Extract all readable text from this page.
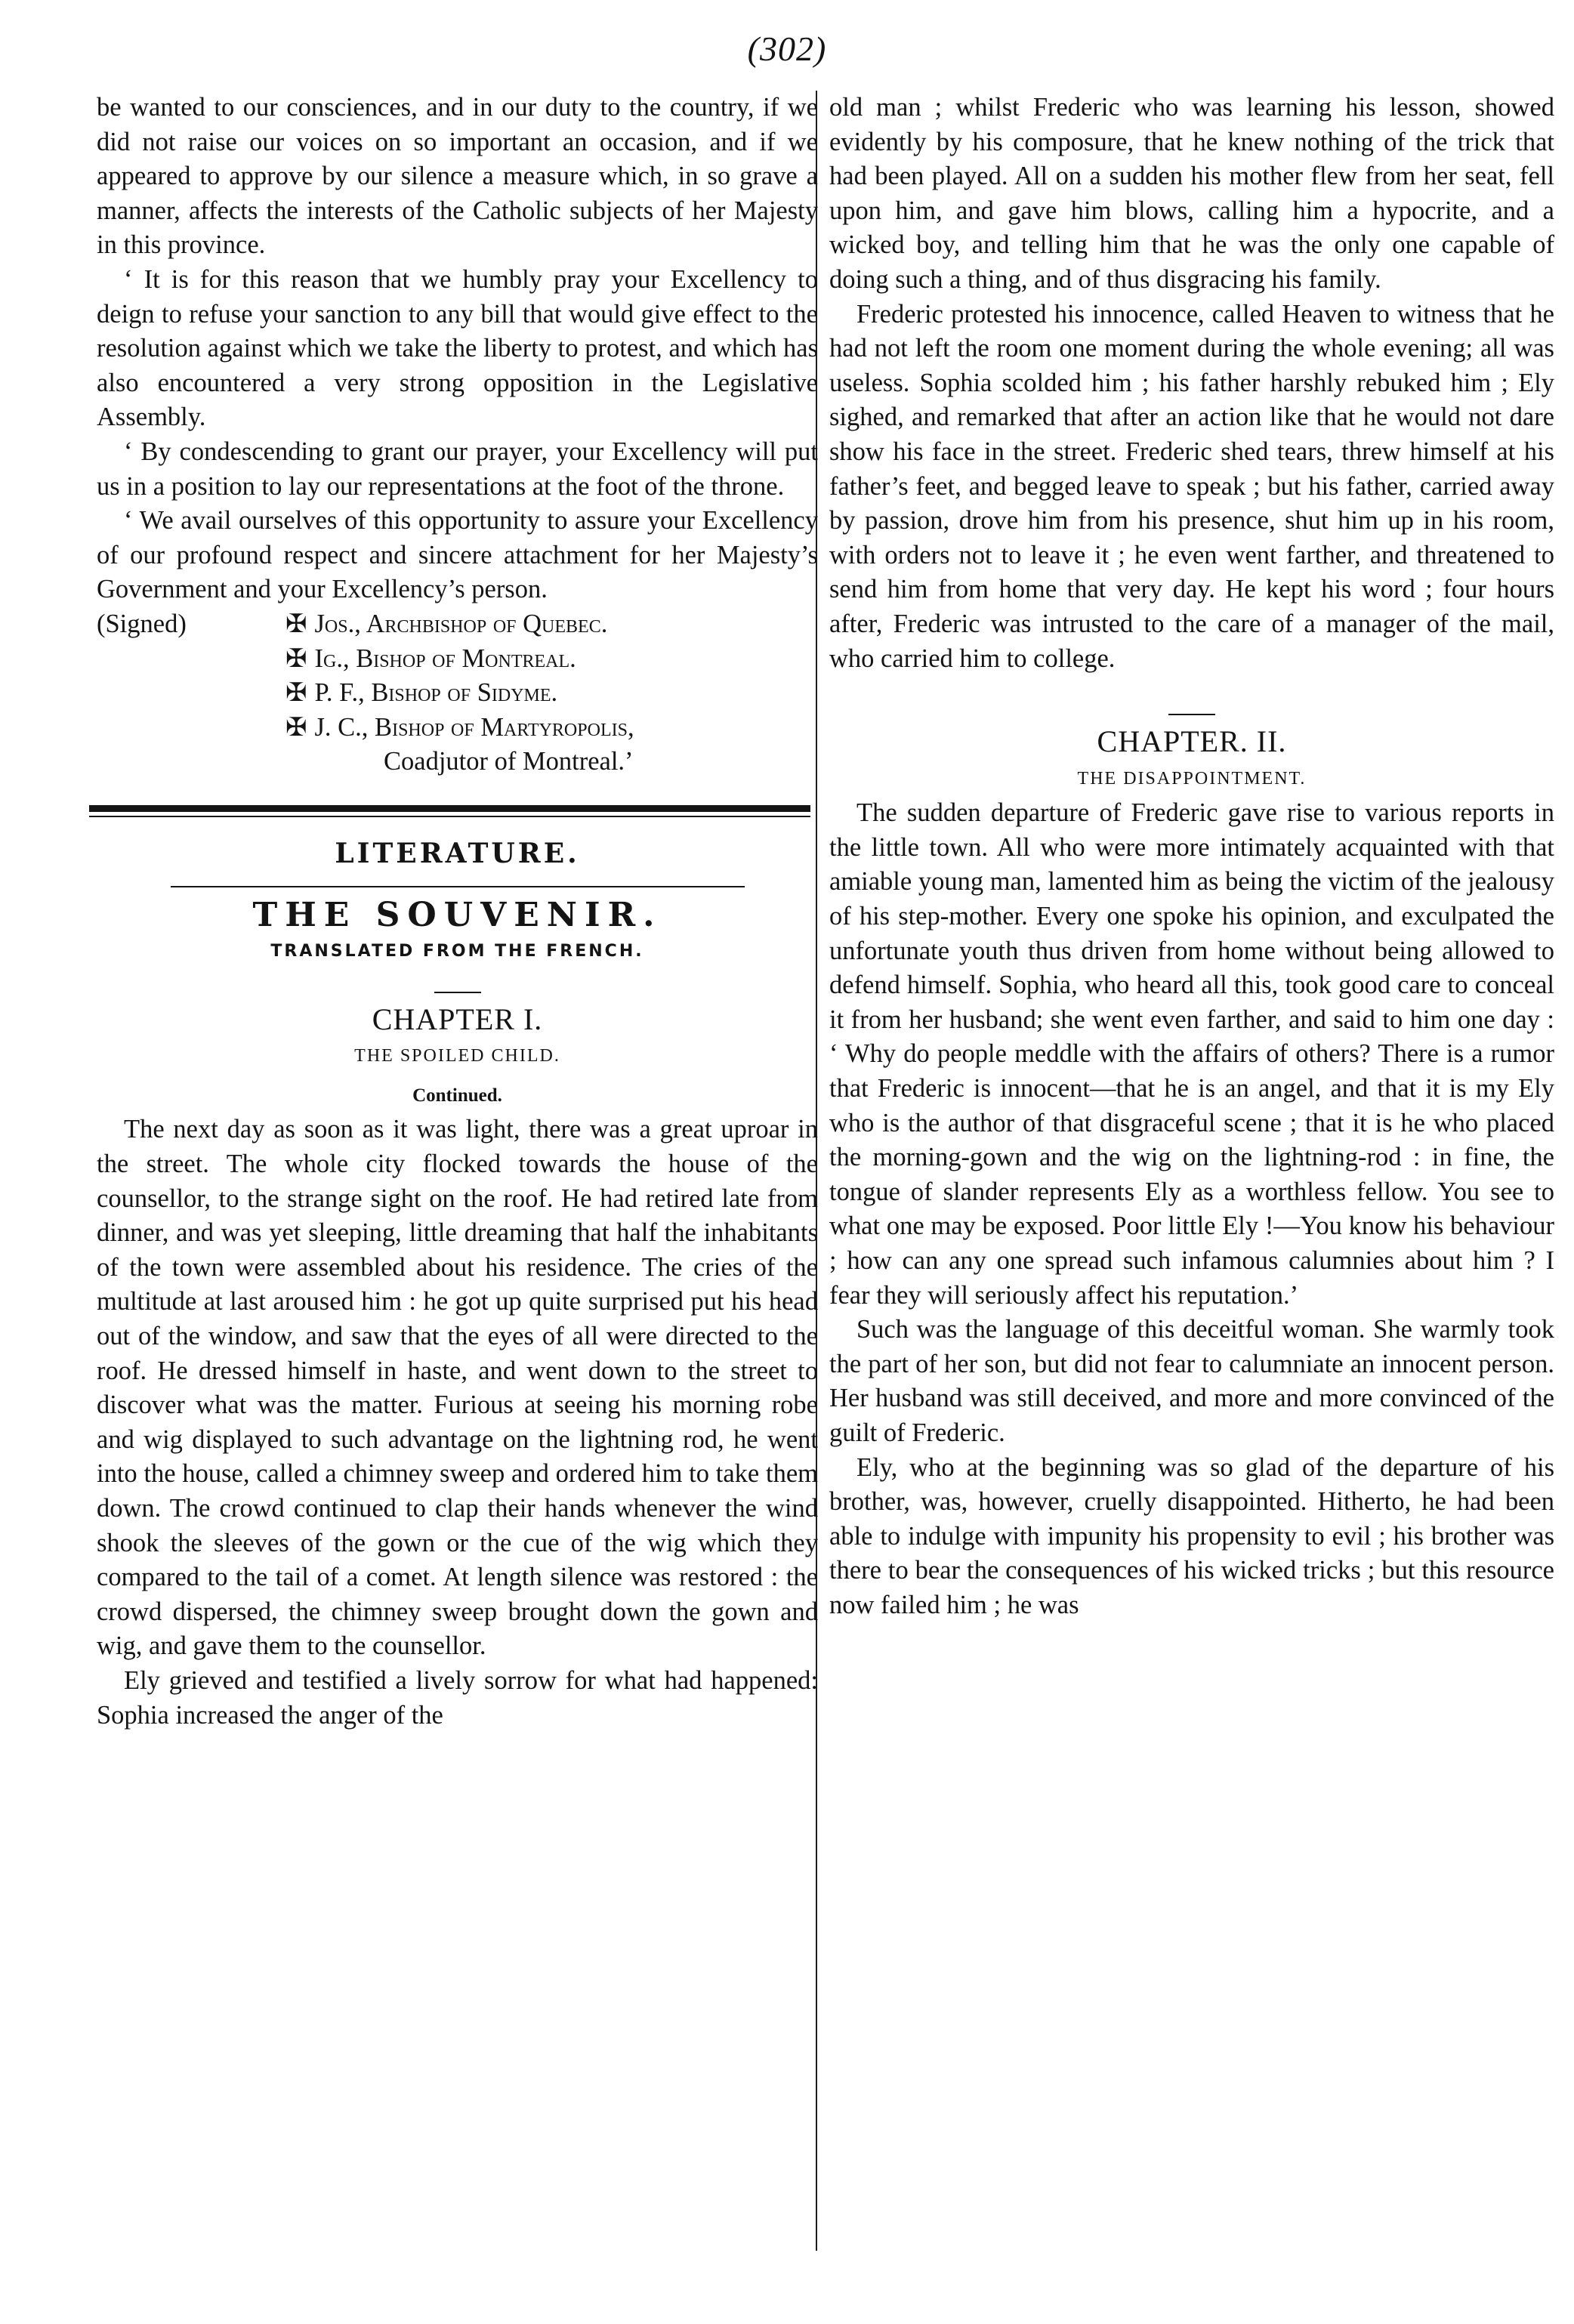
(302)

be wanted to our consciences, and in our duty to the country, if we did not raise our voices on so important an occasion, and if we appeared to approve by our silence a measure which, in so grave a manner, affects the interests of the Catholic subjects of her Majesty in this province.

‘ It is for this reason that we humbly pray your Excellency to deign to refuse your sanction to any bill that would give effect to the resolution against which we take the liberty to protest, and which has also encountered a very strong opposition in the Legislative Assembly.

‘ By condescending to grant our prayer, your Excellency will put us in a position to lay our representations at the foot of the throne.

‘ We avail ourselves of this opportunity to assure your Excellency of our profound respect and sincere attachment for her Majesty’s Government and your Excellency’s person.

(Signed)	✠ Jos., Archbishop of Quebec.
✠ Ig., Bishop of Montreal.
✠ P. F., Bishop of Sidyme.
✠ J. C., Bishop of Martyropolis,
Coadjutor of Montreal.’
LITERATURE.
THE SOUVENIR.
TRANSLATED FROM THE FRENCH.
CHAPTER I.
THE SPOILED CHILD.
Continued.

The next day as soon as it was light, there was a great uproar in the street. The whole city flocked towards the house of the counsellor, to the strange sight on the roof. He had retired late from dinner, and was yet sleeping, little dreaming that half the inhabitants of the town were assembled about his residence. The cries of the multitude at last aroused him : he got up quite surprised put his head out of the window, and saw that the eyes of all were directed to the roof. He dressed himself in haste, and went down to the street to discover what was the matter. Furious at seeing his morning robe and wig displayed to such advantage on the lightning rod, he went into the house, called a chimney sweep and ordered him to take them down. The crowd continued to clap their hands whenever the wind shook the sleeves of the gown or the cue of the wig which they compared to the tail of a comet. At length silence was restored : the crowd dispersed, the chimney sweep brought down the gown and wig, and gave them to the counsellor.

Ely grieved and testified a lively sorrow for what had happened: Sophia increased the anger of the

old man ; whilst Frederic who was learning his lesson, showed evidently by his composure, that he knew nothing of the trick that had been played. All on a sudden his mother flew from her seat, fell upon him, and gave him blows, calling him a hypocrite, and a wicked boy, and telling him that he was the only one capable of doing such a thing, and of thus disgracing his family.

Frederic protested his innocence, called Heaven to witness that he had not left the room one moment during the whole evening; all was useless. Sophia scolded him ; his father harshly rebuked him ; Ely sighed, and remarked that after an action like that he would not dare show his face in the street. Frederic shed tears, threw himself at his father’s feet, and begged leave to speak ; but his father, carried away by passion, drove him from his presence, shut him up in his room, with orders not to leave it ; he even went farther, and threatened to send him from home that very day. He kept his word ; four hours after, Frederic was intrusted to the care of a manager of the mail, who carried him to college.

CHAPTER. II.
THE DISAPPOINTMENT.

The sudden departure of Frederic gave rise to various reports in the little town. All who were more intimately acquainted with that amiable young man, lamented him as being the victim of the jealousy of his step-mother. Every one spoke his opinion, and exculpated the unfortunate youth thus driven from home without being allowed to defend himself. Sophia, who heard all this, took good care to conceal it from her husband; she went even farther, and said to him one day : ‘ Why do people meddle with the affairs of others? There is a rumor that Frederic is innocent—that he is an angel, and that it is my Ely who is the author of that disgraceful scene ; that it is he who placed the morning-gown and the wig on the lightning-rod : in fine, the tongue of slander represents Ely as a worthless fellow. You see to what one may be exposed. Poor little Ely !—You know his behaviour ; how can any one spread such infamous calumnies about him ? I fear they will seriously affect his reputation.’

Such was the language of this deceitful woman. She warmly took the part of her son, but did not fear to calumniate an innocent person. Her husband was still deceived, and more and more convinced of the guilt of Frederic.

Ely, who at the beginning was so glad of the departure of his brother, was, however, cruelly disappointed. Hitherto, he had been able to indulge with impunity his propensity to evil ; his brother was there to bear the consequences of his wicked tricks ; but this resource now failed him ; he was
